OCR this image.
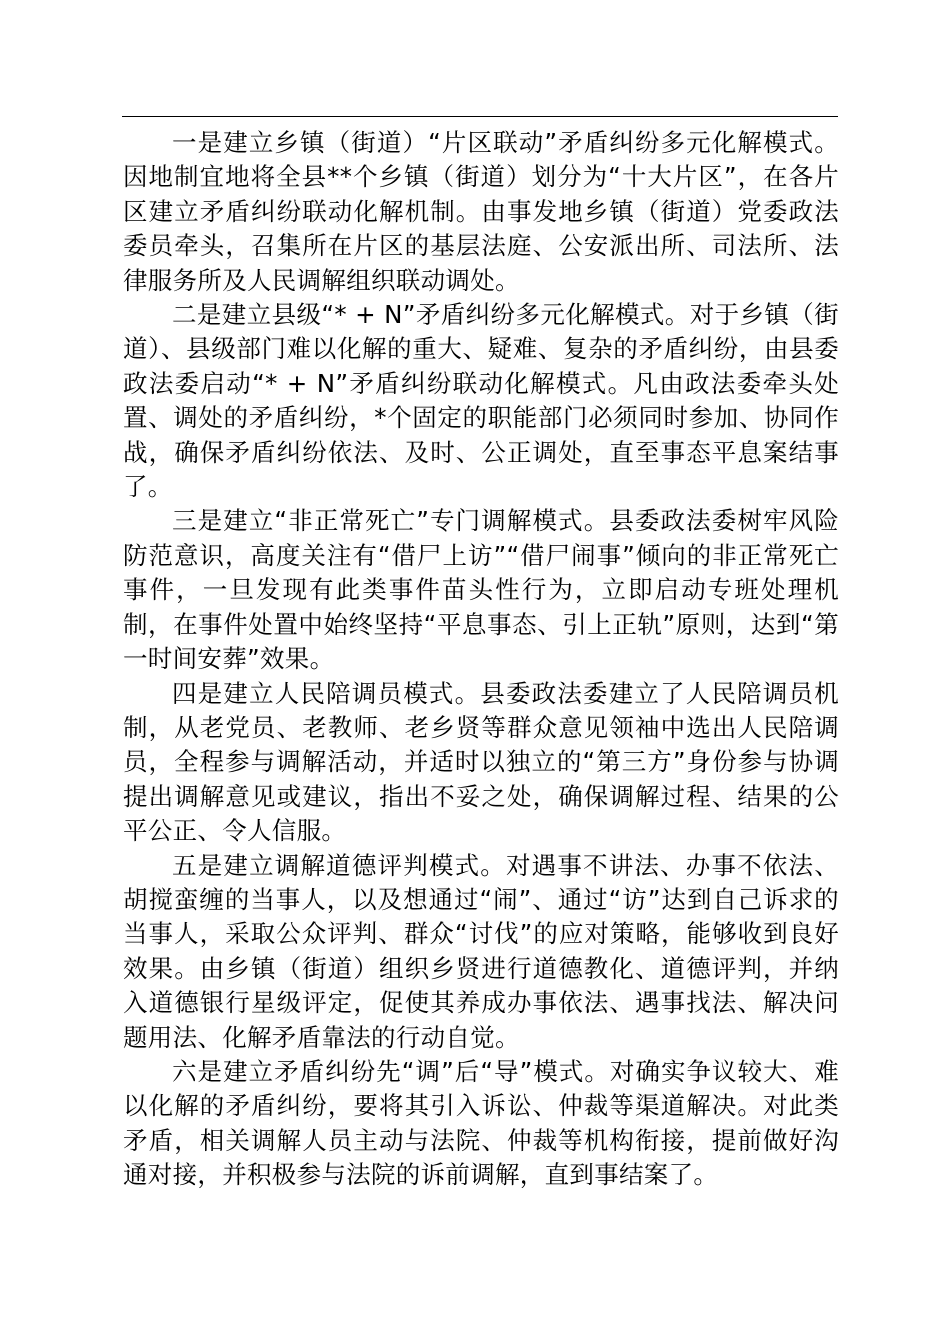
一是建立乡镇（街道）“片区联动”矛盾纠纷多元化解模式。因地制宜地将全县**个乡镇（街道）划分为“十大片区”，在各片区建立矛盾纠纷联动化解机制。由事发地乡镇（街道）党委政法委员牵头，召集所在片区的基层法庭、公安派出所、司法所、法律服务所及人民调解组织联动调处。

二是建立县级“* + N”矛盾纠纷多元化解模式。对于乡镇（街道）、县级部门难以化解的重大、疑难、复杂的矛盾纠纷，由县委政法委启动“* + N”矛盾纠纷联动化解模式。凡由政法委牵头处置、调处的矛盾纠纷，*个固定的职能部门必须同时参加、协同作战，确保矛盾纠纷依法、及时、公正调处，直至事态平息案结事了。

三是建立“非正常死亡”专门调解模式。县委政法委树牢风险防范意识，高度关注有“借尸上访”“借尸闹事”倾向的非正常死亡事件，一旦发现有此类事件苗头性行为，立即启动专班处理机制，在事件处置中始终坚持“平息事态、引上正轨”原则，达到“第一时间安葬”效果。

四是建立人民陪调员模式。县委政法委建立了人民陪调员机制，从老党员、老教师、老乡贤等群众意见领袖中选出人民陪调员，全程参与调解活动，并适时以独立的“第三方”身份参与协调提出调解意见或建议，指出不妥之处，确保调解过程、结果的公平公正、令人信服。

五是建立调解道德评判模式。对遇事不讲法、办事不依法、胡搅蛮缠的当事人，以及想通过“闹”、通过“访”达到自己诉求的当事人，采取公众评判、群众“讨伐”的应对策略，能够收到良好效果。由乡镇（街道）组织乡贤进行道德教化、道德评判，并纳入道德银行星级评定，促使其养成办事依法、遇事找法、解决问题用法、化解矛盾靠法的行动自觉。

六是建立矛盾纠纷先“调”后“导”模式。对确实争议较大、难以化解的矛盾纠纷，要将其引入诉讼、仲裁等渠道解决。对此类矛盾，相关调解人员主动与法院、仲裁等机构衔接，提前做好沟通对接，并积极参与法院的诉前调解，直到事结案了。
